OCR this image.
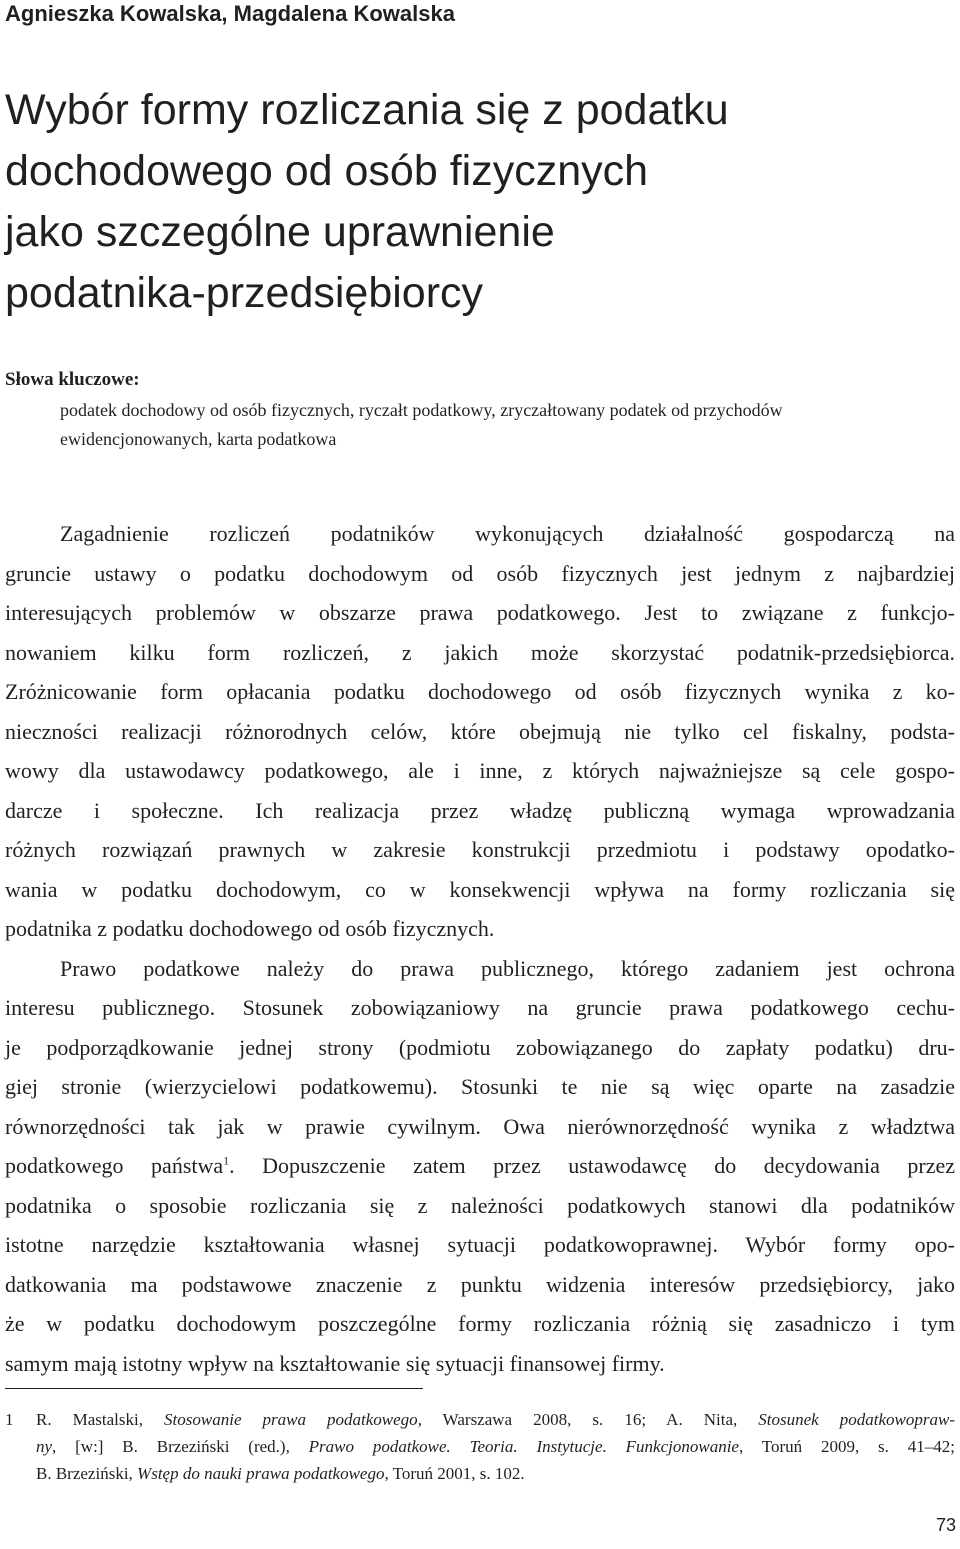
Agnieszka Kowalska, Magdalena Kowalska
Wybór formy rozliczania się z podatku
dochodowego od osób fizycznych
jako szczególne uprawnienie
podatnika-przedsiębiorcy
Słowa kluczowe:
podatek dochodowy od osób fizycznych, ryczałt podatkowy, zryczałtowany podatek od przychodów
ewidencjonowanych, karta podatkowa
Zagadnienie rozliczeń podatników wykonujących działalność gospodarczą na
gruncie ustawy o podatku dochodowym od osób fizycznych jest jednym z najbardziej
interesujących problemów w obszarze prawa podatkowego. Jest to związane z funkcjo-
nowaniem kilku form rozliczeń, z jakich może skorzystać podatnik-przedsiębiorca.
Zróżnicowanie form opłacania podatku dochodowego od osób fizycznych wynika z ko-
nieczności realizacji różnorodnych celów, które obejmują nie tylko cel fiskalny, podsta-
wowy dla ustawodawcy podatkowego, ale i inne, z których najważniejsze są cele gospo-
darcze i społeczne. Ich realizacja przez władzę publiczną wymaga wprowadzania
różnych rozwiązań prawnych w zakresie konstrukcji przedmiotu i podstawy opodatko-
wania w podatku dochodowym, co w konsekwencji wpływa na formy rozliczania się
podatnika z podatku dochodowego od osób fizycznych.
Prawo podatkowe należy do prawa publicznego, którego zadaniem jest ochrona
interesu publicznego. Stosunek zobowiązaniowy na gruncie prawa podatkowego cechu-
je podporządkowanie jednej strony (podmiotu zobowiązanego do zapłaty podatku) dru-
giej stronie (wierzycielowi podatkowemu). Stosunki te nie są więc oparte na zasadzie
równorzędności tak jak w prawie cywilnym. Owa nierównorzędność wynika z władztwa
podatkowego państwa$^1$. Dopuszczenie zatem przez ustawodawcę do decydowania przez
podatnika o sposobie rozliczania się z należności podatkowych stanowi dla podatników
istotne narzędzie kształtowania własnej sytuacji podatkowoprawnej. Wybór formy opo-
datkowania ma podstawowe znaczenie z punktu widzenia interesów przedsiębiorcy, jako
że w podatku dochodowym poszczególne formy rozliczania różnią się zasadniczo i tym
samym mają istotny wpływ na kształtowanie się sytuacji finansowej firmy.
1 R. Mastalski, Stosowanie prawa podatkowego, Warszawa 2008, s. 16; A. Nita, Stosunek podatkowopraw-
ny, [w:] B. Brzeziński (red.), Prawo podatkowe. Teoria. Instytucje. Funkcjonowanie, Toruń 2009, s. 41–42;
B. Brzeziński, Wstęp do nauki prawa podatkowego, Toruń 2001, s. 102.
73
